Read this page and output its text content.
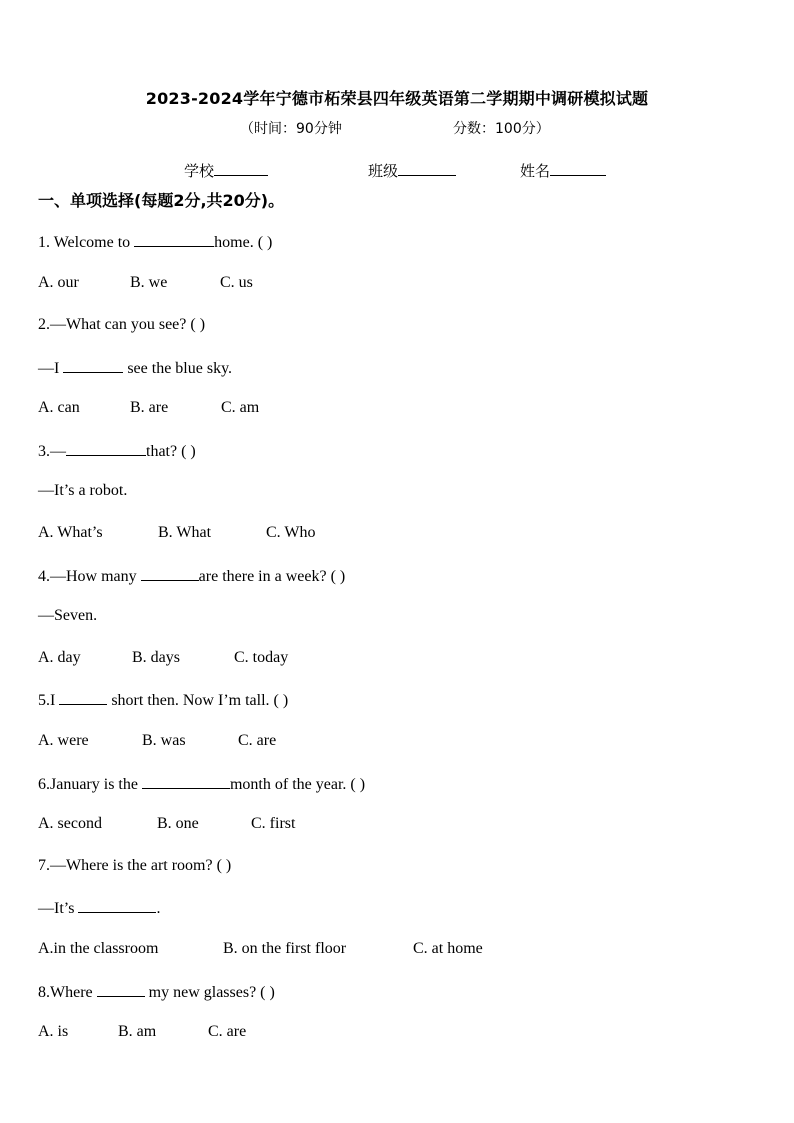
2023-2024学年宁德市柘荣县四年级英语第二学期期中调研模拟试题
（时间：90分钟	分数：100分）
学校	班级	姓名
一、单项选择(每题2分,共20分)。
1. Welcome to	home. ( )
A. our	B. we	C. us
2.—What can you see? ( )
—I	see the blue sky.
A. can	B. are	C. am
3.—	that? ( )
—It’s a robot.
A. What’s	B. What	C. Who
4.—How many	are there in a week? ( )
—Seven.
A. day	B. days	C. today
5.I	short then. Now I’m tall. ( )
A. were	B. was	C. are
6.January is the	month of the year. ( )
A. second	B. one	C. first
7.—Where is the art room? ( )
—It’s	.
A.in the classroom	B. on the first floor	C. at home
8.Where	my new glasses? ( )
A. is	B. am	C. are
